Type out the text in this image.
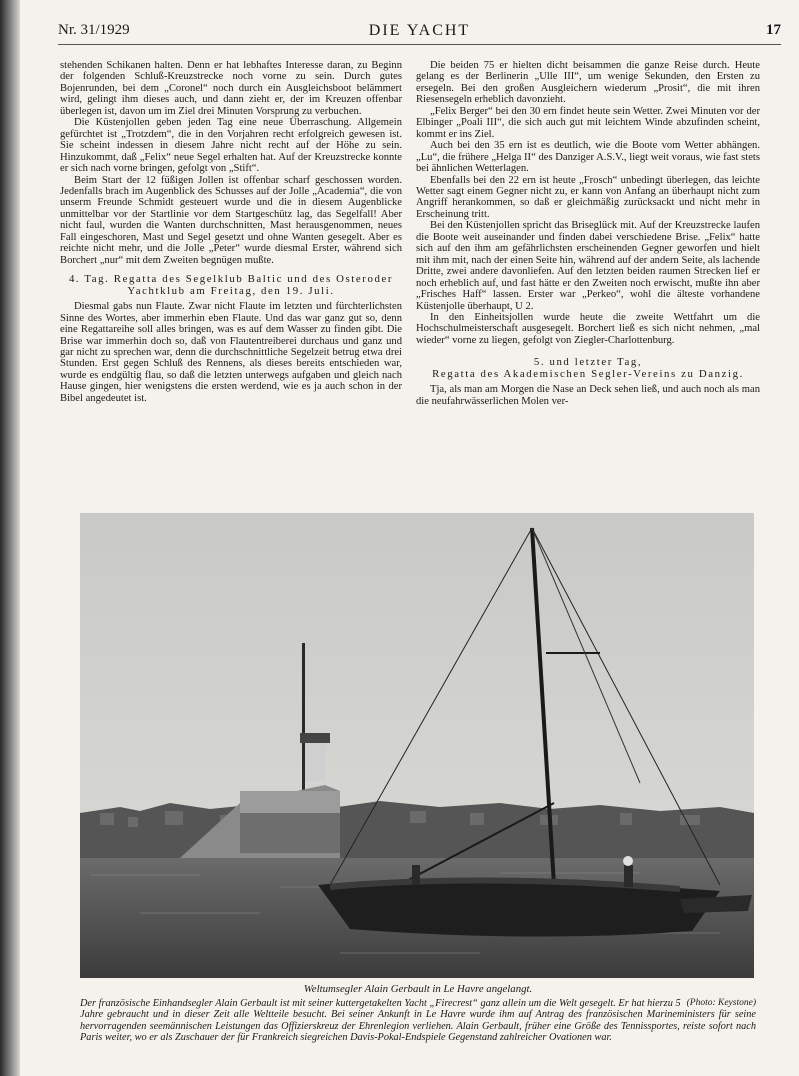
Nr. 31/1929	DIE YACHT	17

stehenden Schikanen halten. Denn er hat lebhaftes Interesse daran, zu Beginn der folgenden Schluß-Kreuzstrecke noch vorne zu sein. Durch gutes Bojenrunden, bei dem „Coronel“ noch durch ein Ausgleichsboot belämmert wird, gelingt ihm dieses auch, und dann zieht er, der im Kreuzen offenbar überlegen ist, davon um im Ziel drei Minuten Vorsprung zu verbuchen.

Die Küstenjollen geben jeden Tag eine neue Überraschung. Allgemein gefürchtet ist „Trotzdem“, die in den Vorjahren recht erfolgreich gewesen ist. Sie scheint indessen in diesem Jahre nicht recht auf der Höhe zu sein. Hinzukommt, daß „Felix“ neue Segel erhalten hat. Auf der Kreuzstrecke konnte er sich nach vorne bringen, gefolgt von „Stift“.

Beim Start der 12 füßigen Jollen ist offenbar scharf geschossen worden. Jedenfalls brach im Augenblick des Schusses auf der Jolle „Academia“, die von unserm Freunde Schmidt gesteuert wurde und die in diesem Augenblicke unmittelbar vor der Startlinie vor dem Startgeschütz lag, das Segelfall! Aber nicht faul, wurden die Wanten durchschnitten, Mast herausgenommen, neues Fall eingeschoren, Mast und Segel gesetzt und ohne Wanten gesegelt. Aber es reichte nicht mehr, und die Jolle „Peter“ wurde diesmal Erster, während sich Borchert „nur“ mit dem Zweiten begnügen mußte.

4. Tag. Regatta des Segelklub Baltic und des Osteroder Yachtklub am Freitag, den 19. Juli.

Diesmal gabs nun Flaute. Zwar nicht Flaute im letzten und fürchterlichsten Sinne des Wortes, aber immerhin eben Flaute. Und das war ganz gut so, denn eine Regattareihe soll alles bringen, was es auf dem Wasser zu finden gibt. Die Brise war immerhin doch so, daß von Flautentreiberei durchaus und ganz und gar nicht zu sprechen war, denn die durchschnittliche Segelzeit betrug etwa drei Stunden. Erst gegen Schluß des Rennens, als dieses bereits entschieden war, wurde es endgültig flau, so daß die letzten unterwegs aufgaben und gleich nach Hause gingen, hier wenigstens die ersten werdend, wie es ja auch schon in der Bibel angedeutet ist.

Die beiden 75 er hielten dicht beisammen die ganze Reise durch. Heute gelang es der Berlinerin „Ulle III“, um wenige Sekunden, den Ersten zu ersegeln. Bei den großen Ausgleichern wiederum „Prosit“, die mit ihren Riesensegeln erheblich davonzieht.

„Felix Berger“ bei den 30 ern findet heute sein Wetter. Zwei Minuten vor der Elbinger „Poali III“, die sich auch gut mit leichtem Winde abzufinden scheint, kommt er ins Ziel.

Auch bei den 35 ern ist es deutlich, wie die Boote vom Wetter abhängen. „Lu“, die frühere „Helga II“ des Danziger A.S.V., liegt weit voraus, wie fast stets bei ähnlichen Wetterlagen.

Ebenfalls bei den 22 ern ist heute „Frosch“ unbedingt überlegen, das leichte Wetter sagt einem Gegner nicht zu, er kann von Anfang an überhaupt nicht zum Angriff herankommen, so daß er gleichmäßig zurücksackt und nicht mehr in Erscheinung tritt.

Bei den Küstenjollen spricht das Briseglück mit. Auf der Kreuzstrecke laufen die Boote weit auseinander und finden dabei verschiedene Brise. „Felix“ hatte sich auf den ihm am gefährlichsten erscheinenden Gegner geworfen und hielt mit ihm mit, nach der einen Seite hin, während auf der andern Seite, als lachende Dritte, zwei andere davonliefen. Auf den letzten beiden raumen Strecken lief er noch erheblich auf, und fast hätte er den Zweiten noch erwischt, mußte ihn aber „Frisches Haff“ lassen. Erster war „Perkeo“, wohl die älteste vorhandene Küstenjolle überhaupt, U 2.

In den Einheitsjollen wurde heute die zweite Wettfahrt um die Hochschulmeisterschaft ausgesegelt. Borchert ließ es sich nicht nehmen, „mal wieder“ vorne zu liegen, gefolgt von Ziegler-Charlottenburg.

5. und letzter Tag,
Regatta des Akademischen Segler-Vereins zu Danzig.

Tja, als man am Morgen die Nase an Deck sehen ließ, und auch noch als man die neufahrwässerlichen Molen ver-

Weltumsegler Alain Gerbault in Le Havre angelangt.
(Photo: Keystone)
Der französische Einhandsegler Alain Gerbault ist mit seiner kuttergetakelten Yacht „Firecrest“ ganz allein um die Welt gesegelt. Er hat hierzu 5 Jahre gebraucht und in dieser Zeit alle Weltteile besucht. Bei seiner Ankunft in Le Havre wurde ihm auf Antrag des französischen Marineministers für seine hervorragenden seemännischen Leistungen das Offizierskreuz der Ehrenlegion verliehen. Alain Gerbault, früher eine Größe des Tennissportes, reiste sofort nach Paris weiter, wo er als Zuschauer der für Frankreich siegreichen Davis-Pokal-Endspiele Gegenstand zahlreicher Ovationen war.
